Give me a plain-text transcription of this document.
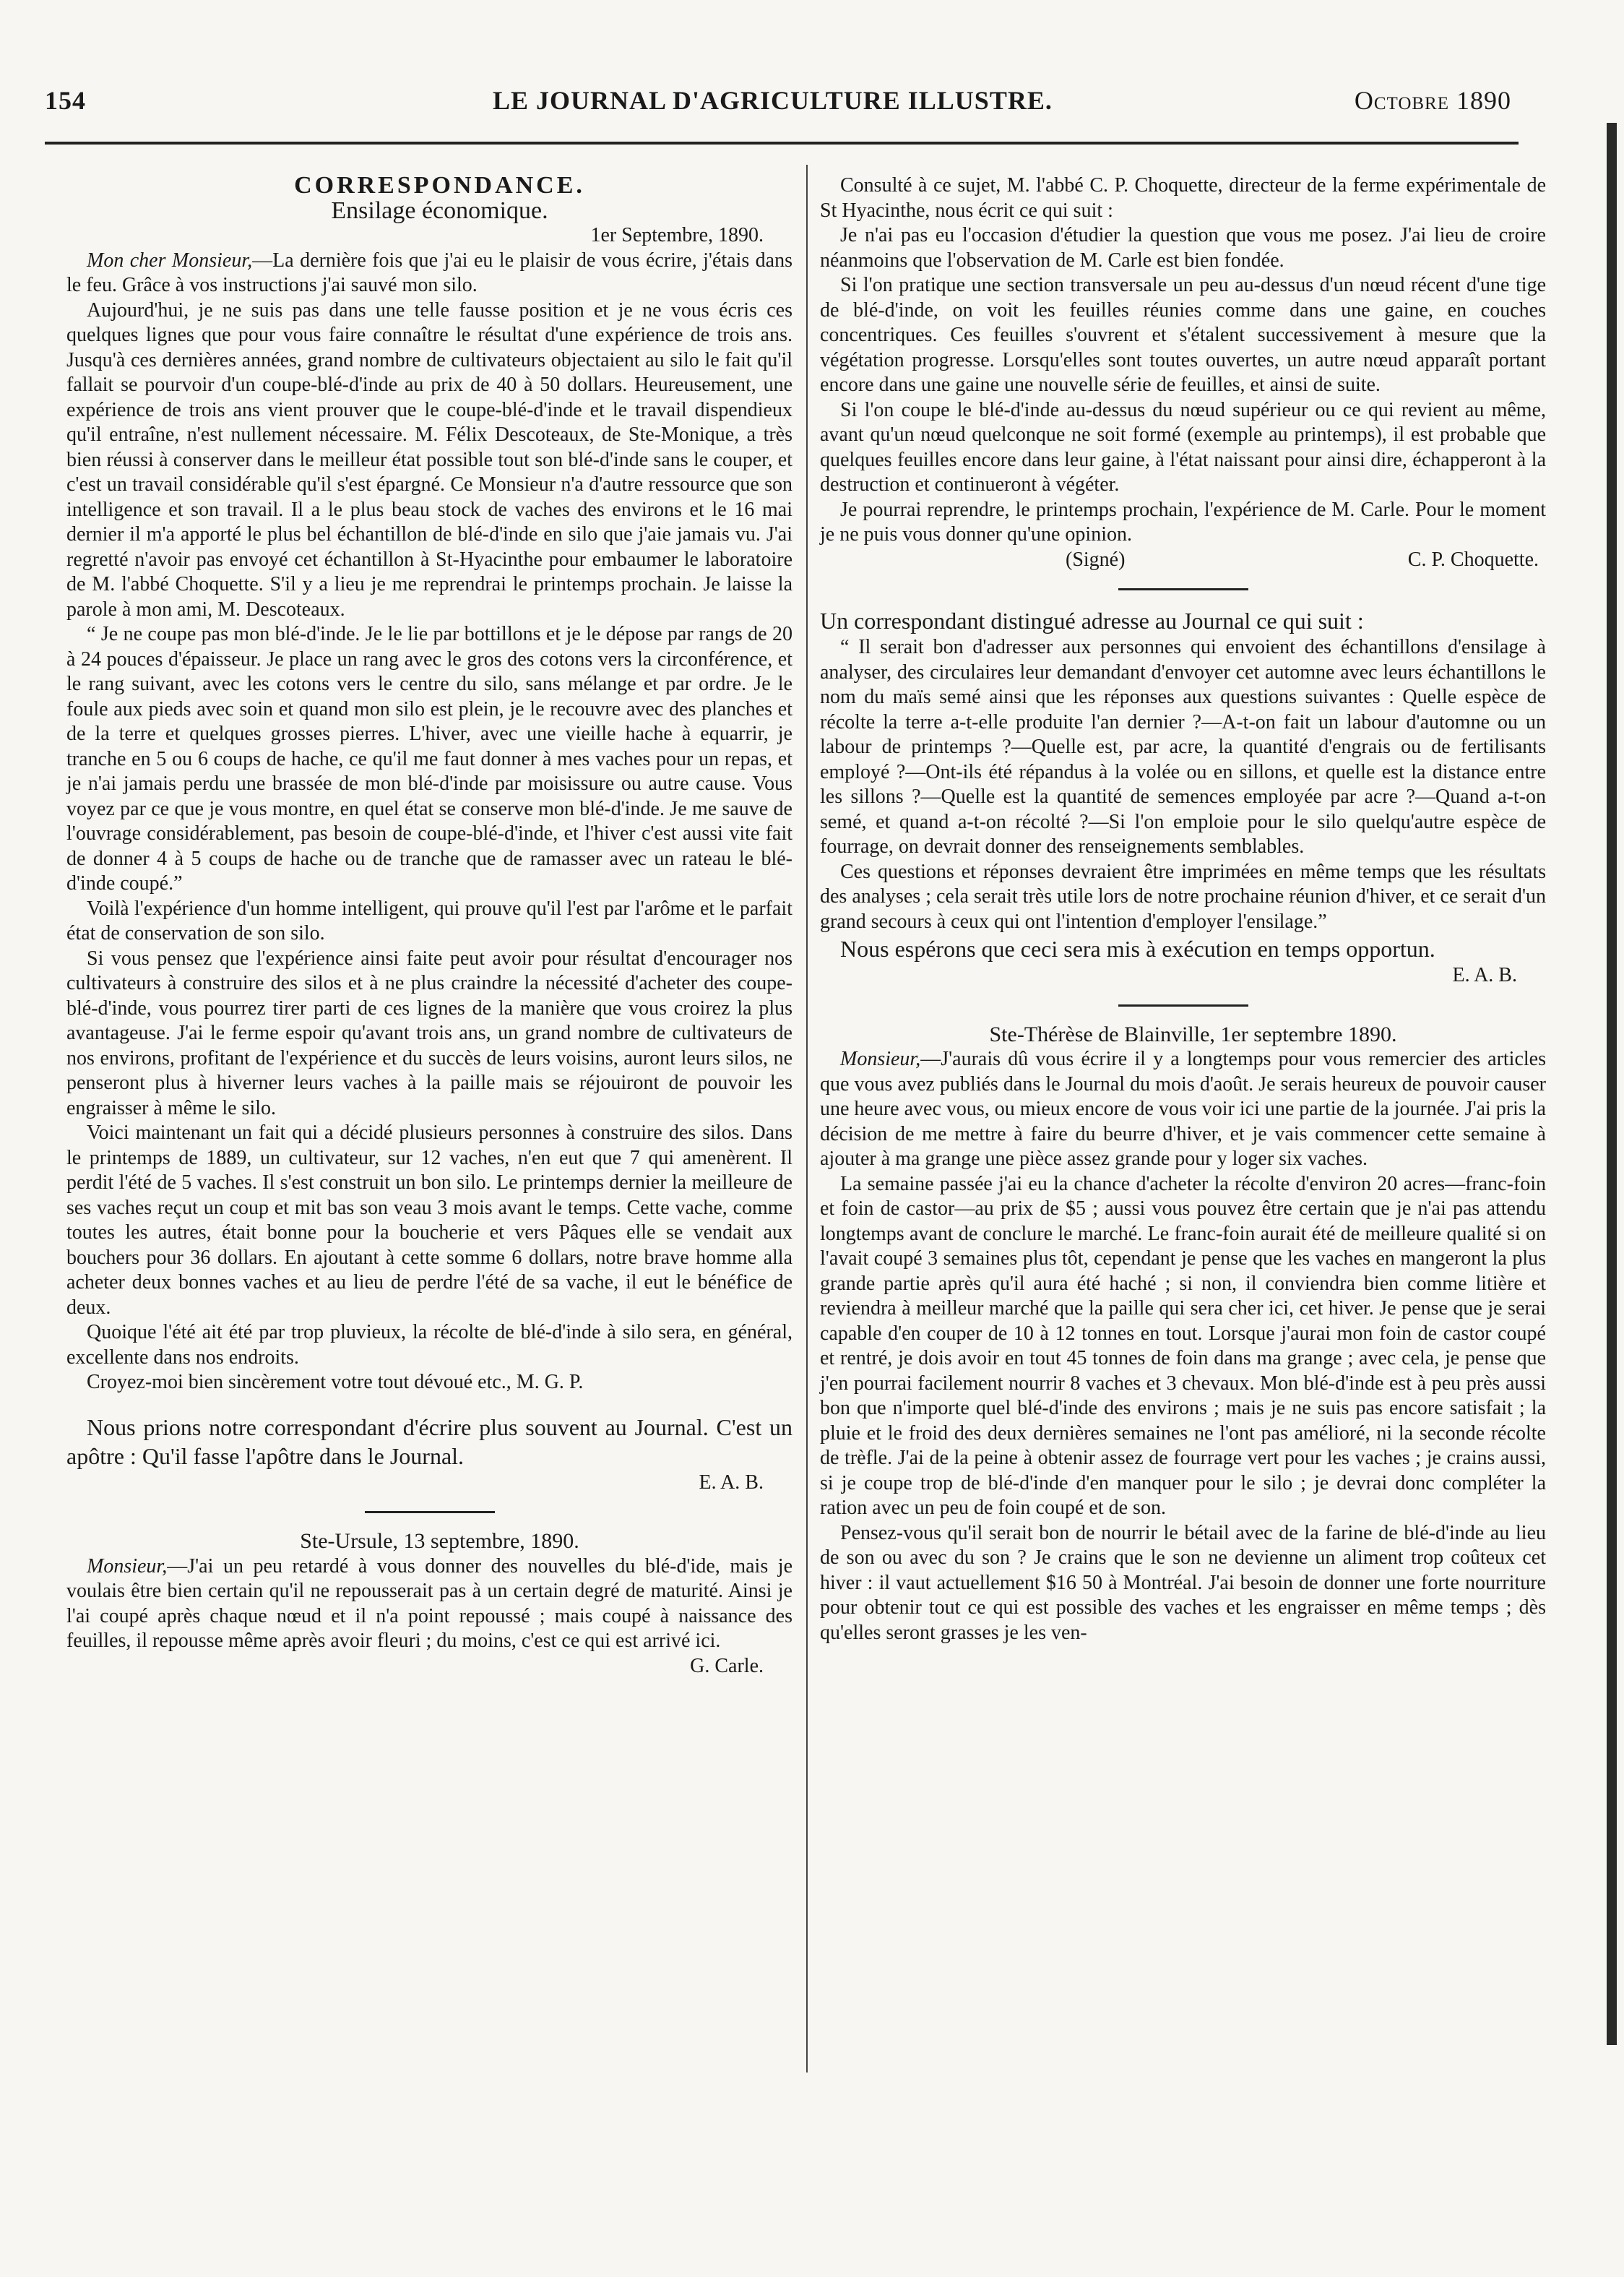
154	LE JOURNAL D'AGRICULTURE ILLUSTRE.	Octobre 1890

CORRESPONDANCE.

Ensilage économique.

1er Septembre, 1890.

Mon cher Monsieur,—La dernière fois que j'ai eu le plaisir de vous écrire, j'étais dans le feu. Grâce à vos instructions j'ai sauvé mon silo.

Aujourd'hui, je ne suis pas dans une telle fausse position et je ne vous écris ces quelques lignes que pour vous faire connaître le résultat d'une expérience de trois ans. Jusqu'à ces dernières années, grand nombre de cultivateurs objectaient au silo le fait qu'il fallait se pourvoir d'un coupe-blé-d'inde au prix de 40 à 50 dollars. Heureusement, une expérience de trois ans vient prouver que le coupe-blé-d'inde et le travail dispendieux qu'il entraîne, n'est nullement nécessaire. M. Félix Descoteaux, de Ste-Monique, a très bien réussi à conserver dans le meilleur état possible tout son blé-d'inde sans le couper, et c'est un travail considérable qu'il s'est épargné. Ce Monsieur n'a d'autre ressource que son intelligence et son travail. Il a le plus beau stock de vaches des environs et le 16 mai dernier il m'a apporté le plus bel échantillon de blé-d'inde en silo que j'aie jamais vu. J'ai regretté n'avoir pas envoyé cet échantillon à St-Hyacinthe pour embaumer le laboratoire de M. l'abbé Choquette. S'il y a lieu je me reprendrai le printemps prochain. Je laisse la parole à mon ami, M. Descoteaux.

“ Je ne coupe pas mon blé-d'inde. Je le lie par bottillons et je le dépose par rangs de 20 à 24 pouces d'épaisseur. Je place un rang avec le gros des cotons vers la circonférence, et le rang suivant, avec les cotons vers le centre du silo, sans mélange et par ordre. Je le foule aux pieds avec soin et quand mon silo est plein, je le recouvre avec des planches et de la terre et quelques grosses pierres. L'hiver, avec une vieille hache à equarrir, je tranche en 5 ou 6 coups de hache, ce qu'il me faut donner à mes vaches pour un repas, et je n'ai jamais perdu une brassée de mon blé-d'inde par moisissure ou autre cause. Vous voyez par ce que je vous montre, en quel état se conserve mon blé-d'inde. Je me sauve de l'ouvrage considérablement, pas besoin de coupe-blé-d'inde, et l'hiver c'est aussi vite fait de donner 4 à 5 coups de hache ou de tranche que de ramasser avec un rateau le blé-d'inde coupé.”

Voilà l'expérience d'un homme intelligent, qui prouve qu'il l'est par l'arôme et le parfait état de conservation de son silo.

Si vous pensez que l'expérience ainsi faite peut avoir pour résultat d'encourager nos cultivateurs à construire des silos et à ne plus craindre la nécessité d'acheter des coupe-blé-d'inde, vous pourrez tirer parti de ces lignes de la manière que vous croirez la plus avantageuse. J'ai le ferme espoir qu'avant trois ans, un grand nombre de cultivateurs de nos environs, profitant de l'expérience et du succès de leurs voisins, auront leurs silos, ne penseront plus à hiverner leurs vaches à la paille mais se réjouiront de pouvoir les engraisser à même le silo.

Voici maintenant un fait qui a décidé plusieurs personnes à construire des silos. Dans le printemps de 1889, un cultivateur, sur 12 vaches, n'en eut que 7 qui amenèrent. Il perdit l'été de 5 vaches. Il s'est construit un bon silo. Le printemps dernier la meilleure de ses vaches reçut un coup et mit bas son veau 3 mois avant le temps. Cette vache, comme toutes les autres, était bonne pour la boucherie et vers Pâques elle se vendait aux bouchers pour 36 dollars. En ajoutant à cette somme 6 dollars, notre brave homme alla acheter deux bonnes vaches et au lieu de perdre l'été de sa vache, il eut le bénéfice de deux.

Quoique l'été ait été par trop pluvieux, la récolte de blé-d'inde à silo sera, en général, excellente dans nos endroits.

Croyez-moi bien sincèrement votre tout dévoué etc., M. G. P.

Nous prions notre correspondant d'écrire plus souvent au Journal. C'est un apôtre : Qu'il fasse l'apôtre dans le Journal.

E. A. B.

Ste-Ursule, 13 septembre, 1890.

Monsieur,—J'ai un peu retardé à vous donner des nouvelles du blé-d'ide, mais je voulais être bien certain qu'il ne repousserait pas à un certain degré de maturité. Ainsi je l'ai coupé après chaque nœud et il n'a point repoussé ; mais coupé à naissance des feuilles, il repousse même après avoir fleuri ; du moins, c'est ce qui est arrivé ici.

G. Carle.

Consulté à ce sujet, M. l'abbé C. P. Choquette, directeur de la ferme expérimentale de St Hyacinthe, nous écrit ce qui suit :

Je n'ai pas eu l'occasion d'étudier la question que vous me posez. J'ai lieu de croire néanmoins que l'observation de M. Carle est bien fondée.

Si l'on pratique une section transversale un peu au-dessus d'un nœud récent d'une tige de blé-d'inde, on voit les feuilles réunies comme dans une gaine, en couches concentriques. Ces feuilles s'ouvrent et s'étalent successivement à mesure que la végétation progresse. Lorsqu'elles sont toutes ouvertes, un autre nœud apparaît portant encore dans une gaine une nouvelle série de feuilles, et ainsi de suite.

Si l'on coupe le blé-d'inde au-dessus du nœud supérieur ou ce qui revient au même, avant qu'un nœud quelconque ne soit formé (exemple au printemps), il est probable que quelques feuilles encore dans leur gaine, à l'état naissant pour ainsi dire, échapperont à la destruction et continueront à végéter.

Je pourrai reprendre, le printemps prochain, l'expérience de M. Carle. Pour le moment je ne puis vous donner qu'une opinion.

(Signé)	C. P. Choquette.

Un correspondant distingué adresse au Journal ce qui suit :

“ Il serait bon d'adresser aux personnes qui envoient des échantillons d'ensilage à analyser, des circulaires leur demandant d'envoyer cet automne avec leurs échantillons le nom du maïs semé ainsi que les réponses aux questions suivantes : Quelle espèce de récolte la terre a-t-elle produite l'an dernier ?—A-t-on fait un labour d'automne ou un labour de printemps ?—Quelle est, par acre, la quantité d'engrais ou de fertilisants employé ?—Ont-ils été répandus à la volée ou en sillons, et quelle est la distance entre les sillons ?—Quelle est la quantité de semences employée par acre ?—Quand a-t-on semé, et quand a-t-on récolté ?—Si l'on emploie pour le silo quelqu'autre espèce de fourrage, on devrait donner des renseignements semblables.

Ces questions et réponses devraient être imprimées en même temps que les résultats des analyses ; cela serait très utile lors de notre prochaine réunion d'hiver, et ce serait d'un grand secours à ceux qui ont l'intention d'employer l'ensilage.”

Nous espérons que ceci sera mis à exécution en temps opportun.

E. A. B.

Ste-Thérèse de Blainville, 1er septembre 1890.

Monsieur,—J'aurais dû vous écrire il y a longtemps pour vous remercier des articles que vous avez publiés dans le Journal du mois d'août. Je serais heureux de pouvoir causer une heure avec vous, ou mieux encore de vous voir ici une partie de la journée. J'ai pris la décision de me mettre à faire du beurre d'hiver, et je vais commencer cette semaine à ajouter à ma grange une pièce assez grande pour y loger six vaches.

La semaine passée j'ai eu la chance d'acheter la récolte d'environ 20 acres—franc-foin et foin de castor—au prix de $5 ; aussi vous pouvez être certain que je n'ai pas attendu longtemps avant de conclure le marché. Le franc-foin aurait été de meilleure qualité si on l'avait coupé 3 semaines plus tôt, cependant je pense que les vaches en mangeront la plus grande partie après qu'il aura été haché ; si non, il conviendra bien comme litière et reviendra à meilleur marché que la paille qui sera cher ici, cet hiver. Je pense que je serai capable d'en couper de 10 à 12 tonnes en tout. Lorsque j'aurai mon foin de castor coupé et rentré, je dois avoir en tout 45 tonnes de foin dans ma grange ; avec cela, je pense que j'en pourrai facilement nourrir 8 vaches et 3 chevaux. Mon blé-d'inde est à peu près aussi bon que n'importe quel blé-d'inde des environs ; mais je ne suis pas encore satisfait ; la pluie et le froid des deux dernières semaines ne l'ont pas amélioré, ni la seconde récolte de trèfle. J'ai de la peine à obtenir assez de fourrage vert pour les vaches ; je crains aussi, si je coupe trop de blé-d'inde d'en manquer pour le silo ; je devrai donc compléter la ration avec un peu de foin coupé et de son.

Pensez-vous qu'il serait bon de nourrir le bétail avec de la farine de blé-d'inde au lieu de son ou avec du son ? Je crains que le son ne devienne un aliment trop coûteux cet hiver : il vaut actuellement $16 50 à Montréal. J'ai besoin de donner une forte nourriture pour obtenir tout ce qui est possible des vaches et les engraisser en même temps ; dès qu'elles seront grasses je les ven-
